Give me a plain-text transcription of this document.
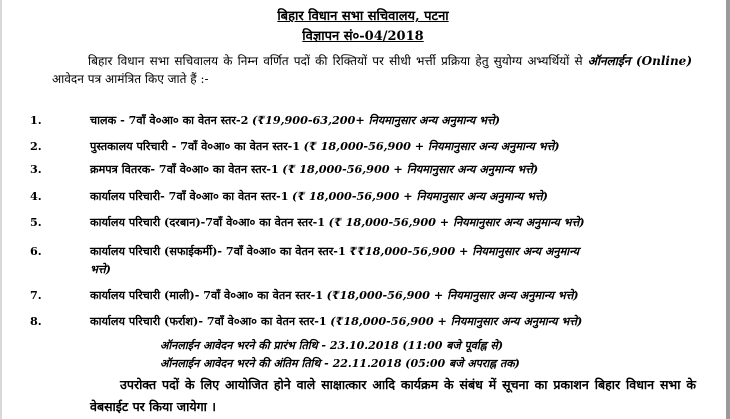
बिहार विधान सभा सचिवालय, पटना
विज्ञापन सं०-04/2018
बिहार विधान सभा सचिवालय के निम्न वर्णित पदों की रिक्तियों पर सीधी भर्त्ती प्रक्रिया हेतु सुयोग्य अभ्यर्थियों से ऑनलाईन (Online) आवेदन पत्र आमंत्रित किए जाते हैं :-
1.	चालक - 7वाँ वे०आ० का वेतन स्तर-2 (₹19,900-63,200+ नियमानुसार अन्य अनुमान्य भत्ते)
2.	पुस्तकालय परिचारी - 7वाँ वे०आ० का वेतन स्तर-1 (₹ 18,000-56,900 + नियमानुसार अन्य अनुमान्य भत्ते)
3.	क्रमपत्र वितरक- 7वाँ वे०आ० का वेतन स्तर-1 (₹ 18,000-56,900 + नियमानुसार अन्य अनुमान्य भत्ते)
4.	कार्यालय परिचारी- 7वाँ वे०आ० का वेतन स्तर-1 (₹ 18,000-56,900 + नियमानुसार अन्य अनुमान्य भत्ते)
5.	कार्यालय परिचारी (दरबान)-7वाँ वे०आ० का वेतन स्तर-1 (₹ 18,000-56,900 + नियमानुसार अन्य अनुमान्य भत्ते)
6.	कार्यालय परिचारी (सफाईकर्मी)- 7वाँ वे०आ० का वेतन स्तर-1 ₹₹18,000-56,900 + नियमानुसार अन्य अनुमान्य
भत्ते)
7.	कार्यालय परिचारी (माली)- 7वाँ वे०आ० का वेतन स्तर-1 (₹18,000-56,900 + नियमानुसार अन्य अनुमान्य भत्ते)
8.	कार्यालय परिचारी (फर्राश)- 7वाँ वे०आ० का वेतन स्तर-1 (₹18,000-56,900 + नियमानुसार अन्य अनुमान्य भत्ते)
ऑनलाईन आवेदन भरने की प्रारंभ तिथि - 23.10.2018 (11:00 बजे पूर्वाह्न से)
ऑनलाईन आवेदन भरने की अंतिम तिथि - 22.11.2018 (05:00 बजे अपराह्न तक)
उपरोक्त पदों के लिए आयोजित होने वाले साक्षात्कार आदि कार्यक्रम के संबंध में सूचना का प्रकाशन बिहार विधान सभा के वेबसाईट पर किया जायेगा ।
